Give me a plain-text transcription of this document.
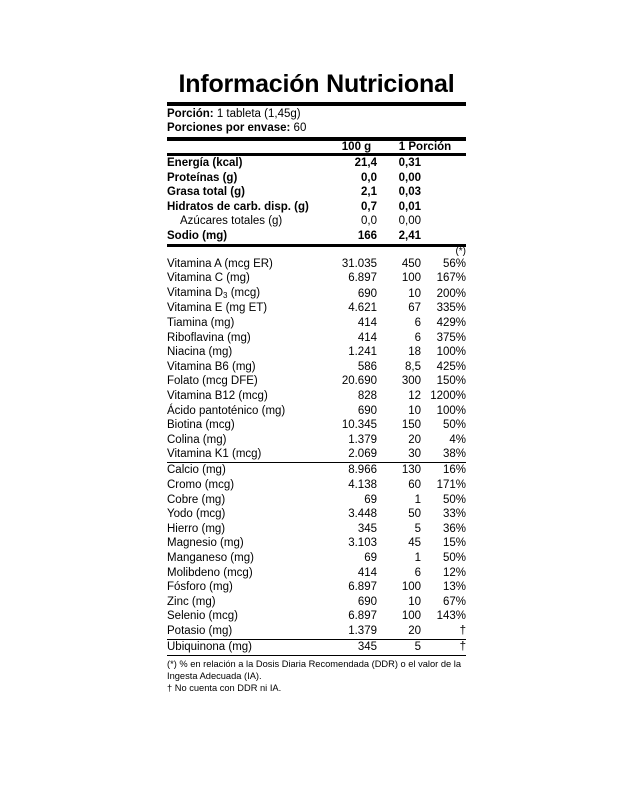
Información Nutricional
Porción: 1 tableta (1,45g)
Porciones por envase: 60
	100 g	1 Porción
Energía (kcal)	21,4	0,31	
Proteínas (g)	0,0	0,00	
Grasa total (g)	2,1	0,03	
Hidratos de carb. disp. (g)	0,7	0,01	
Azúcares totales (g)	0,0	0,00	
Sodio (mg)	166	2,41	
			(*)
Vitamina A (mcg ER)	31.035	450	56%
Vitamina C (mg)	6.897	100	167%
Vitamina $D_3$ (mcg)	690	10	200%
Vitamina E (mg ET)	4.621	67	335%
Tiamina (mg)	414	6	429%
Riboflavina (mg)	414	6	375%
Niacina (mg)	1.241	18	100%
Vitamina B6 (mg)	586	8,5	425%
Folato (mcg DFE)	20.690	300	150%
Vitamina B12 (mcg)	828	12	1200%
Ácido pantoténico (mg)	690	10	100%
Biotina (mcg)	10.345	150	50%
Colina (mg)	1.379	20	4%
Vitamina K1 (mcg)	2.069	30	38%
Calcio (mg)	8.966	130	16%
Cromo (mcg)	4.138	60	171%
Cobre (mg)	69	1	50%
Yodo (mcg)	3.448	50	33%
Hierro (mg)	345	5	36%
Magnesio (mg)	3.103	45	15%
Manganeso (mg)	69	1	50%
Molibdeno (mcg)	414	6	12%
Fósforo (mg)	6.897	100	13%
Zinc (mg)	690	10	67%
Selenio (mcg)	6.897	100	143%
Potasio (mg)	1.379	20	†
Ubiquinona (mg)	345	5	†

(*) % en relación a la Dosis Diaria Recomendada (DDR) o el valor de la Ingesta Adecuada (IA).

† No cuenta con DDR ni IA.
